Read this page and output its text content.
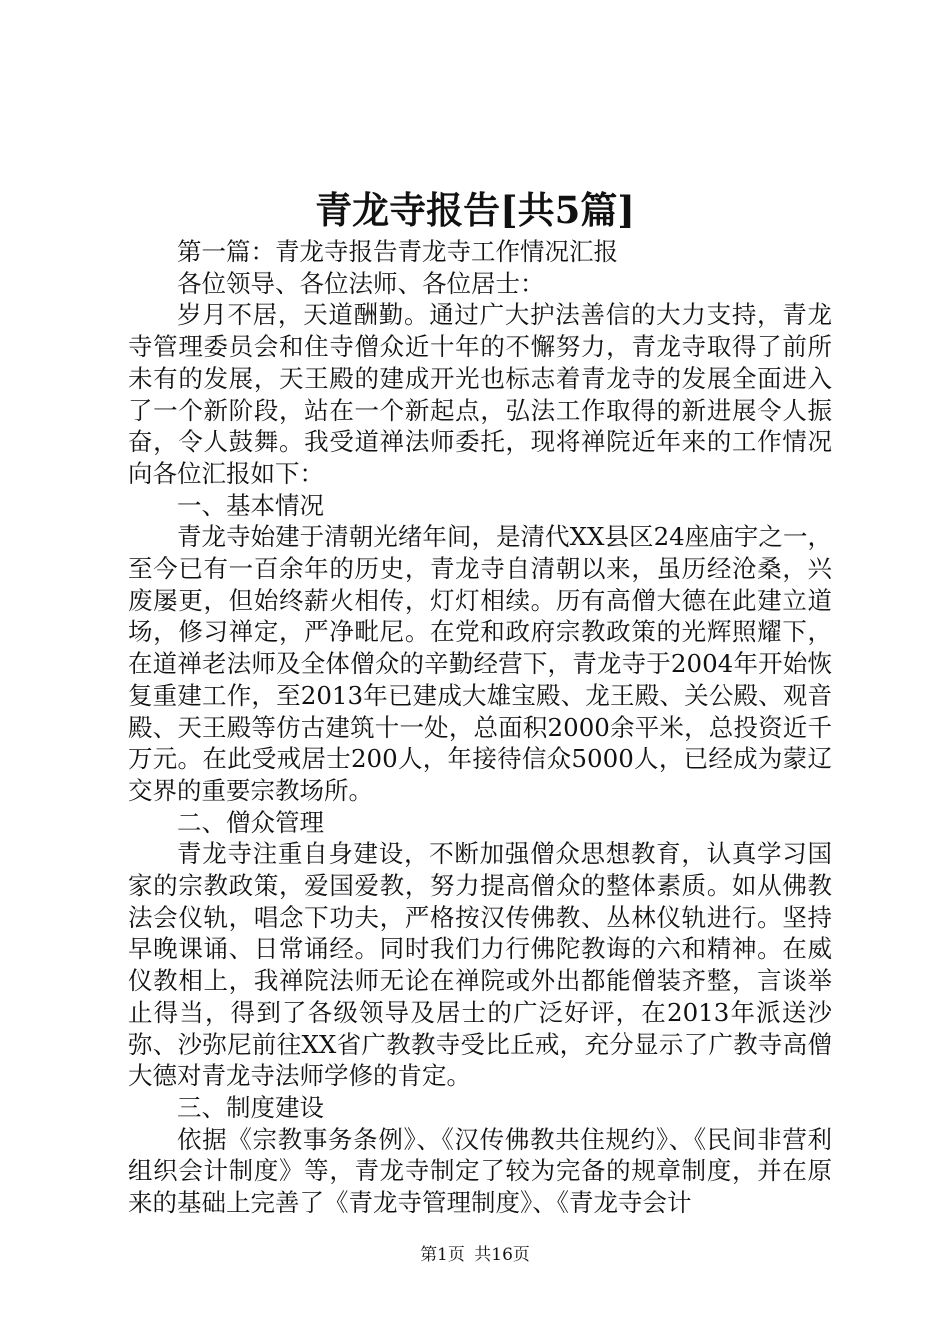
青龙寺报告[共5篇]

第一篇：青龙寺报告青龙寺工作情况汇报

各位领导、各位法师、各位居士：

岁月不居，天道酬勤。通过广大护法善信的大力支持，青龙寺管理委员会和住寺僧众近十年的不懈努力，青龙寺取得了前所未有的发展，天王殿的建成开光也标志着青龙寺的发展全面进入了一个新阶段，站在一个新起点，弘法工作取得的新进展令人振奋，令人鼓舞。我受道禅法师委托，现将禅院近年来的工作情况向各位汇报如下：

一、基本情况

青龙寺始建于清朝光绪年间，是清代XX县区24座庙宇之一，至今已有一百余年的历史，青龙寺自清朝以来，虽历经沧桑，兴废屡更，但始终薪火相传，灯灯相续。历有高僧大德在此建立道场，修习禅定，严净毗尼。在党和政府宗教政策的光辉照耀下，在道禅老法师及全体僧众的辛勤经营下，青龙寺于2004年开始恢复重建工作，至2013年已建成大雄宝殿、龙王殿、关公殿、观音殿、天王殿等仿古建筑十一处，总面积2000余平米，总投资近千万元。在此受戒居士200人，年接待信众5000人，已经成为蒙辽交界的重要宗教场所。

二、僧众管理

青龙寺注重自身建设，不断加强僧众思想教育，认真学习国家的宗教政策，爱国爱教，努力提高僧众的整体素质。如从佛教法会仪轨，唱念下功夫，严格按汉传佛教、丛林仪轨进行。坚持早晚课诵、日常诵经。同时我们力行佛陀教诲的六和精神。在威仪教相上，我禅院法师无论在禅院或外出都能僧装齐整，言谈举止得当，得到了各级领导及居士的广泛好评，在2013年派送沙弥、沙弥尼前往XX省广教教寺受比丘戒，充分显示了广教寺高僧大德对青龙寺法师学修的肯定。

三、制度建设

依据《宗教事务条例》、《汉传佛教共住规约》、《民间非营利组织会计制度》等，青龙寺制定了较为完备的规章制度，并在原来的基础上完善了《青龙寺管理制度》、《青龙寺会计

第1页 共16页
